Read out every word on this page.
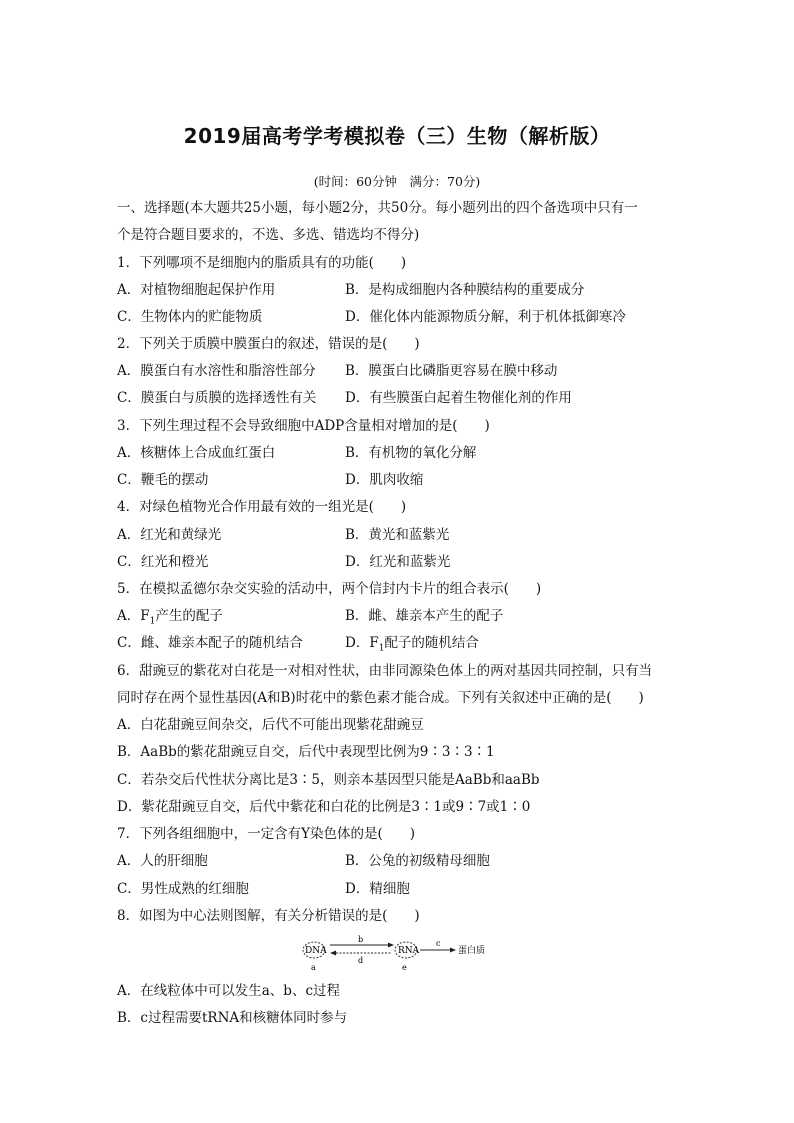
2019届高考学考模拟卷（三）生物（解析版）
(时间：60分钟　满分：70分)
一、选择题(本大题共25小题，每小题2分，共50分。每小题列出的四个备选项中只有一
个是符合题目要求的，不选、多选、错选均不得分)
1．下列哪项不是细胞内的脂质具有的功能(　　)
A．对植物细胞起保护作用	B．是构成细胞内各种膜结构的重要成分
C．生物体内的贮能物质	D．催化体内能源物质分解，利于机体抵御寒冷
2．下列关于质膜中膜蛋白的叙述，错误的是(　　)
A．膜蛋白有水溶性和脂溶性部分 B．膜蛋白比磷脂更容易在膜中移动
C．膜蛋白与质膜的选择透性有关 D．有些膜蛋白起着生物催化剂的作用
3．下列生理过程不会导致细胞中ADP含量相对增加的是(　　)
A．核糖体上合成血红蛋白	B．有机物的氧化分解
C．鞭毛的摆动	D．肌肉收缩
4．对绿色植物光合作用最有效的一组光是(　　)
A．红光和黄绿光	B．黄光和蓝紫光
C．红光和橙光	D．红光和蓝紫光
5．在模拟孟德尔杂交实验的活动中，两个信封内卡片的组合表示(　　)
A．$F_1$产生的配子	B．雌、雄亲本产生的配子
C．雌、雄亲本配子的随机结合	D．$F_1$配子的随机结合
6．甜豌豆的紫花对白花是一对相对性状，由非同源染色体上的两对基因共同控制，只有当
同时存在两个显性基因(A和B)时花中的紫色素才能合成。下列有关叙述中正确的是(　　)
A．白花甜豌豆间杂交，后代不可能出现紫花甜豌豆
B．AaBb的紫花甜豌豆自交，后代中表现型比例为9∶3∶3∶1
C．若杂交后代性状分离比是3∶5，则亲本基因型只能是AaBb和aaBb
D．紫花甜豌豆自交，后代中紫花和白花的比例是3∶1或9∶7或1∶0
7．下列各组细胞中，一定含有Y染色体的是(　　)
A．人的肝细胞	B．公兔的初级精母细胞
C．男性成熟的红细胞	D．精细胞
8．如图为中心法则图解，有关分析错误的是(　　)
DNA
a
b
d
RNA
e
c
蛋白质
A．在线粒体中可以发生a、b、c过程
B．c过程需要tRNA和核糖体同时参与
